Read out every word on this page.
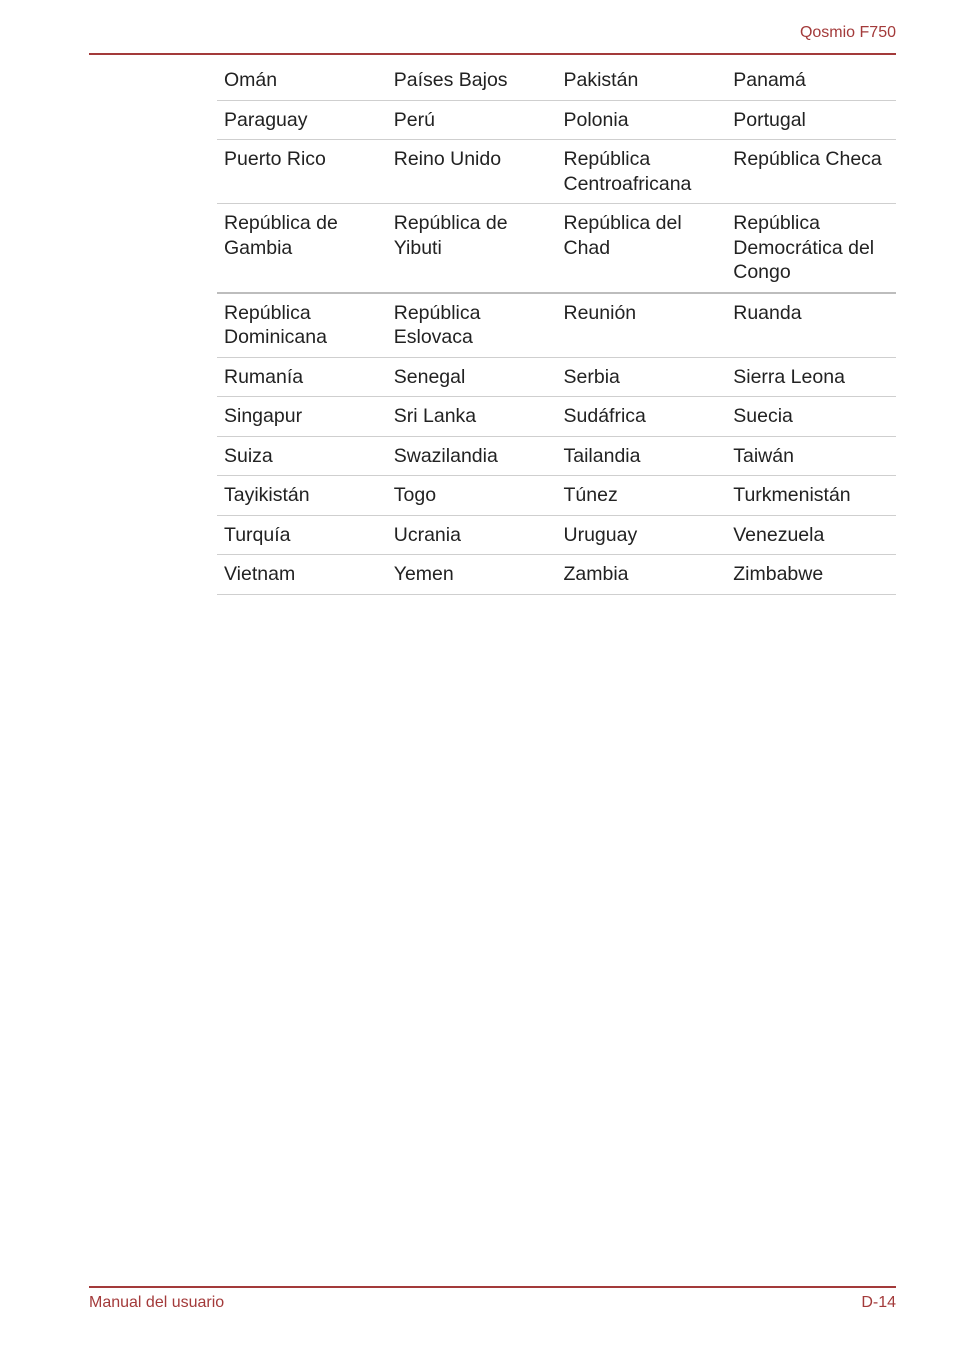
Qosmio F750
Omán	Países Bajos	Pakistán	Panamá
Paraguay	Perú	Polonia	Portugal
Puerto Rico	Reino Unido	República Centroafricana	República Checa
República de Gambia	República de Yibuti	República del Chad	República Democrática del Congo
República Dominicana	República Eslovaca	Reunión	Ruanda
Rumanía	Senegal	Serbia	Sierra Leona
Singapur	Sri Lanka	Sudáfrica	Suecia
Suiza	Swazilandia	Tailandia	Taiwán
Tayikistán	Togo	Túnez	Turkmenistán
Turquía	Ucrania	Uruguay	Venezuela
Vietnam	Yemen	Zambia	Zimbabwe
Manual del usuario	D-14
